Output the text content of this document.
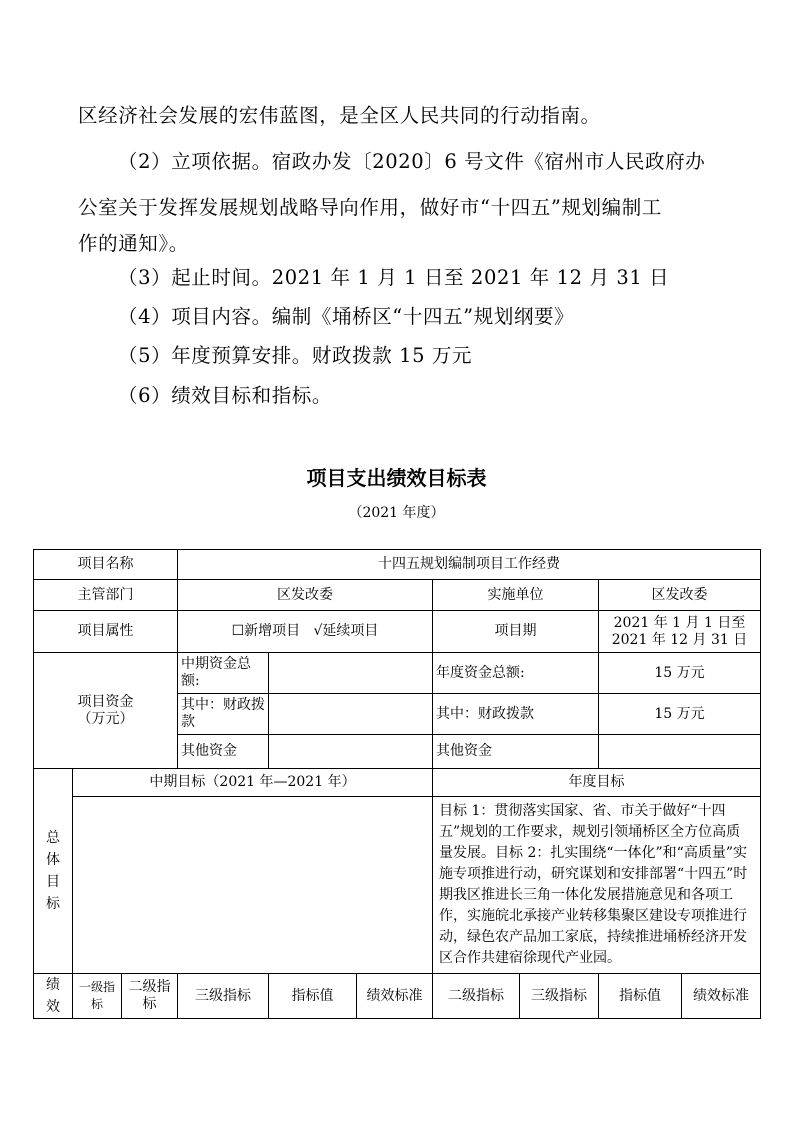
区经济社会发展的宏伟蓝图，是全区人民共同的行动指南。
（2）立项依据。宿政办发〔2020〕6 号文件《宿州市人民政府办
公室关于发挥发展规划战略导向作用，做好市“十四五”规划编制工
作的通知》。
（3）起止时间。2021 年 1 月 1 日至 2021 年 12 月 31 日
（4）项目内容。编制《埇桥区“十四五”规划纲要》
（5）年度预算安排。财政拨款 15 万元
（6）绩效目标和指标。
项目支出绩效目标表
（2021 年度）
项目名称			十四五规划编制项目工作经费						
主管部门			区发改委			实施单位		区发改委	
项目属性			☐新增项目 √延续项目			项目期		2021 年 1 月 1 日至
2021 年 12 月 31 日	

项目资金
（万元）			中期资金总额:			年度资金总额:		15 万元	
			其中：财政拨款			其中：财政拨款		15 万元	
			其他资金			其他资金			

总
体
目
标	中期目标（2021 年—2021 年）					年度目标			
						目标 1：贯彻落实国家、省、市关于做好“十四五”规划的工作要求，规划引领埇桥区全方位高质量发展。目标 2：扎实围绕“一体化”和“高质量”实施专项推进行动，研究谋划和安排部署“十四五”时期我区推进长三角一体化发展措施意见和各项工作，实施皖北承接产业转移集聚区建设专项推进行动，绿色农产品加工家底，持续推进埇桥经济开发区合作共建宿徐现代产业园。			

绩
效	一级指标	二级指标	三级指标	指标值	绩效标准	二级指标	三级指标	指标值	绩效标准
